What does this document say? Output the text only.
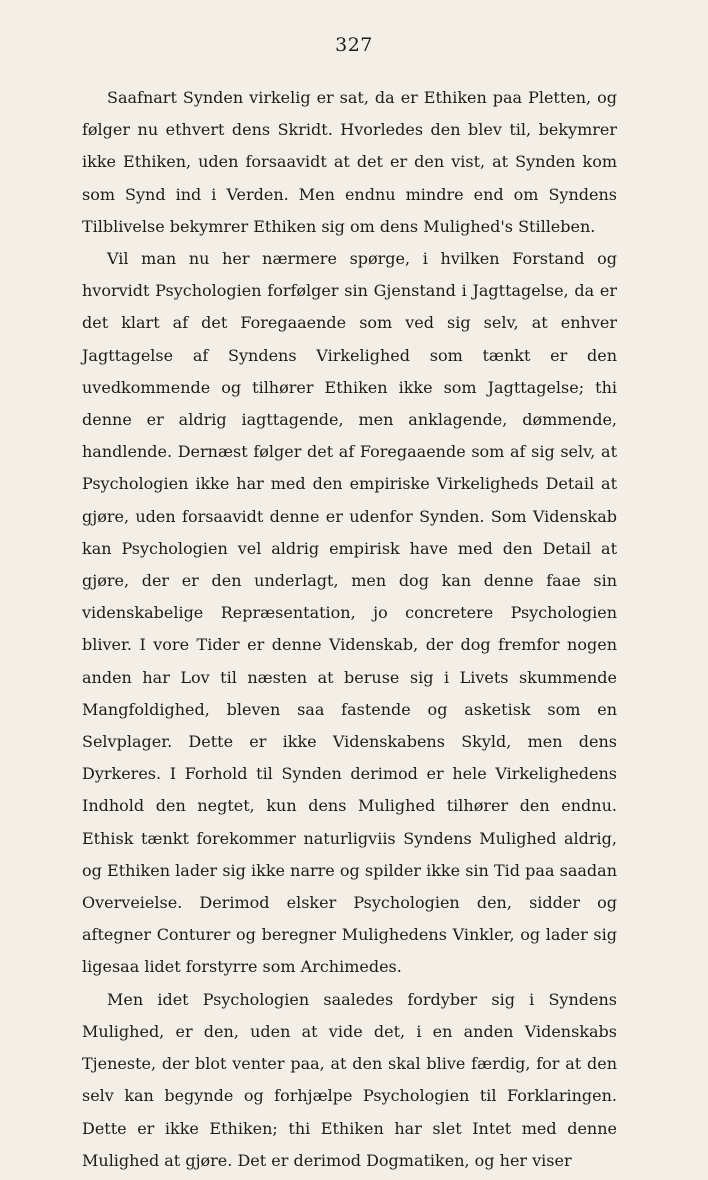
327

Saafnart Synden virkelig er sat, da er Ethiken paa Pletten, og følger nu ethvert dens Skridt. Hvorledes den blev til, bekymrer ikke Ethiken, uden forsaavidt at det er den vist, at Synden kom som Synd ind i Verden. Men endnu mindre end om Syndens Tilblivelse bekymrer Ethiken sig om dens Mulighed's Stilleben.

Vil man nu her nærmere spørge, i hvilken Forstand og hvorvidt Psychologien forfølger sin Gjenstand i Jagttagelse, da er det klart af det Foregaaende som ved sig selv, at enhver Jagttagelse af Syndens Virkelighed som tænkt er den uvedkommende og tilhører Ethiken ikke som Jagttagelse; thi denne er aldrig iagttagende, men anklagende, dømmende, handlende. Dernæst følger det af Foregaaende som af sig selv, at Psychologien ikke har med den empiriske Virkeligheds Detail at gjøre, uden forsaavidt denne er udenfor Synden. Som Videnskab kan Psychologien vel aldrig empirisk have med den Detail at gjøre, der er den underlagt, men dog kan denne faae sin videnskabelige Repræsentation, jo concretere Psychologien bliver. I vore Tider er denne Videnskab, der dog fremfor nogen anden har Lov til næsten at beruse sig i Livets skummende Mangfoldighed, bleven saa fastende og asketisk som en Selvplager. Dette er ikke Videnskabens Skyld, men dens Dyrkeres. I Forhold til Synden derimod er hele Virkelighedens Indhold den negtet, kun dens Mulighed tilhører den endnu. Ethisk tænkt forekommer naturligviis Syndens Mulighed aldrig, og Ethiken lader sig ikke narre og spilder ikke sin Tid paa saadan Overveielse. Derimod elsker Psychologien den, sidder og aftegner Conturer og beregner Mulighedens Vinkler, og lader sig ligesaa lidet forstyrre som Archimedes.

Men idet Psychologien saaledes fordyber sig i Syndens Mulighed, er den, uden at vide det, i en anden Videnskabs Tjeneste, der blot venter paa, at den skal blive færdig, for at den selv kan begynde og forhjælpe Psychologien til Forklaringen. Dette er ikke Ethiken; thi Ethiken har slet Intet med denne Mulighed at gjøre. Det er derimod Dogmatiken, og her viser
